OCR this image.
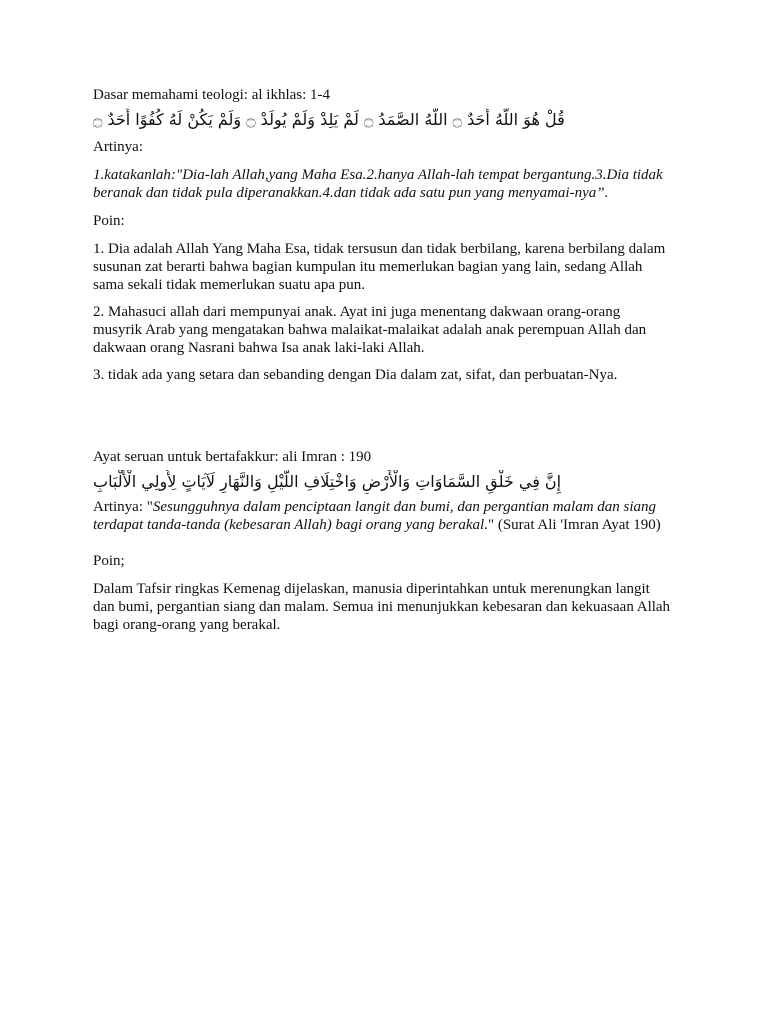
Dasar memahami teologi: al ikhlas: 1-4

قُلْ هُوَ اللَّهُ أَحَدٌ ۝ اللَّهُ الصَّمَدُ ۝ لَمْ يَلِدْ وَلَمْ يُولَدْ ۝ وَلَمْ يَكُنْ لَهُ كُفُوًا أَحَدٌ ۝

Artinya:

1.katakanlah:"Dia-lah Allah,yang Maha Esa.2.hanya Allah-lah tempat bergantung.3.Dia tidak beranak dan tidak pula diperanakkan.4.dan tidak ada satu pun yang menyamai-nya”.

Poin:

1. Dia adalah Allah Yang Maha Esa, tidak tersusun dan tidak berbilang, karena berbilang dalam susunan zat berarti bahwa bagian kumpulan itu memerlukan bagian yang lain, sedang Allah sama sekali tidak memerlukan suatu apa pun.

2. Mahasuci allah dari mempunyai anak. Ayat ini juga menentang dakwaan orang-orang musyrik Arab yang mengatakan bahwa malaikat-malaikat adalah anak perempuan Allah dan dakwaan orang Nasrani bahwa Isa anak laki-laki Allah.

3. tidak ada yang setara dan sebanding dengan Dia dalam zat, sifat, dan perbuatan-Nya.

Ayat seruan untuk bertafakkur: ali Imran : 190

إِنَّ فِي خَلْقِ السَّمَاوَاتِ وَالْأَرْضِ وَاخْتِلَافِ اللَّيْلِ وَالنَّهَارِ لَآيَاتٍ لِأُولِي الْأَلْبَابِ

Artinya: "Sesungguhnya dalam penciptaan langit dan bumi, dan pergantian malam dan siang terdapat tanda-tanda (kebesaran Allah) bagi orang yang berakal." (Surat Ali 'Imran Ayat 190)

Poin;

Dalam Tafsir ringkas Kemenag dijelaskan, manusia diperintahkan untuk merenungkan langit dan bumi, pergantian siang dan malam. Semua ini menunjukkan kebesaran dan kekuasaan Allah bagi orang-orang yang berakal.
